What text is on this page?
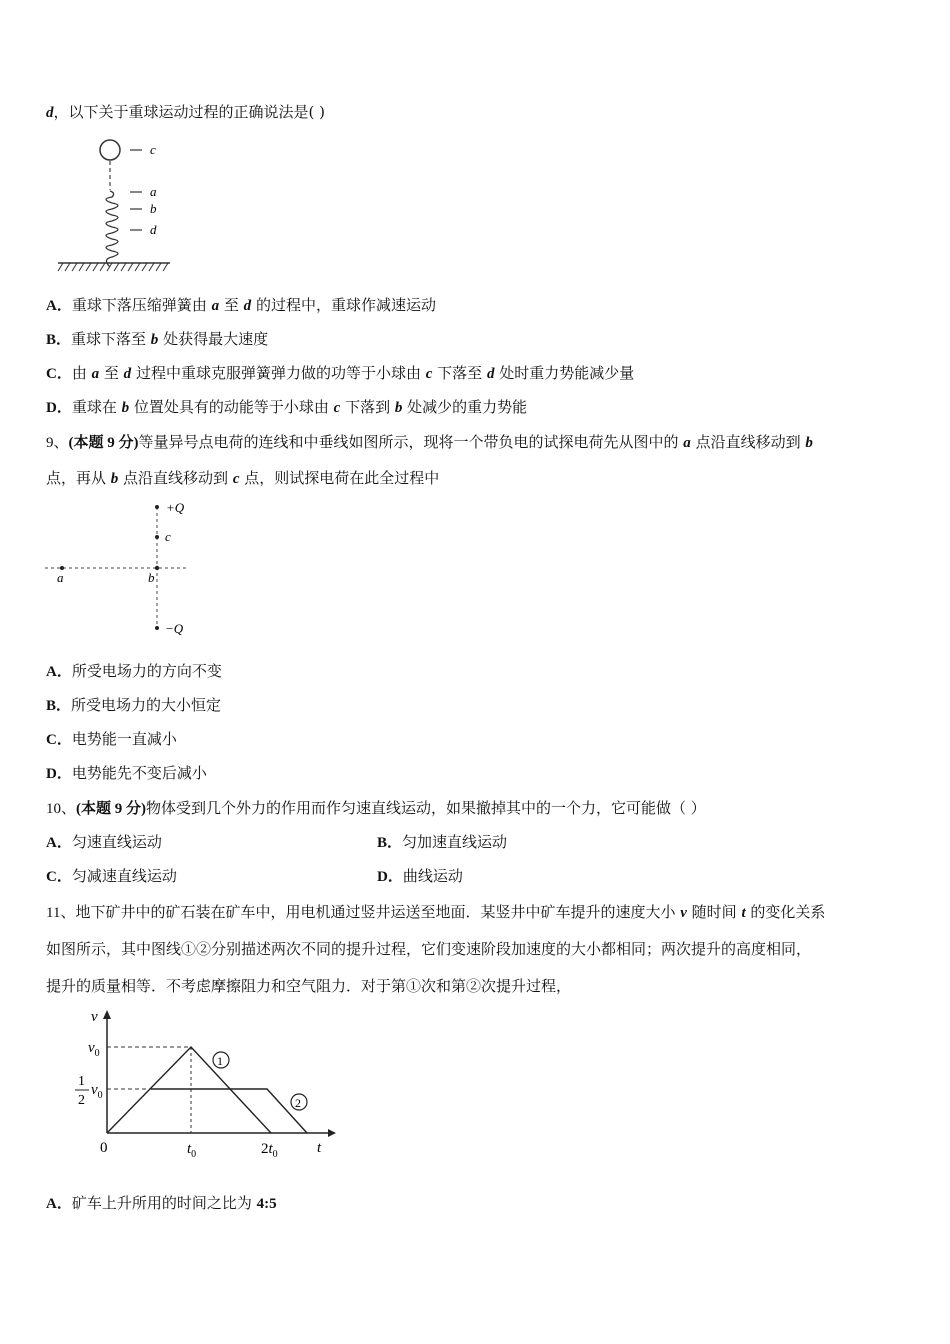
d，以下关于重球运动过程的正确说法是( )
c
a
b
d
A．重球下落压缩弹簧由 a 至 d 的过程中，重球作减速运动
B．重球下落至 b 处获得最大速度
C．由 a 至 d 过程中重球克服弹簧弹力做的功等于小球由 c 下落至 d 处时重力势能减少量
D．重球在 b 位置处具有的动能等于小球由 c 下落到 b 处减少的重力势能
9、(本题 9 分)等量异号点电荷的连线和中垂线如图所示，现将一个带负电的试探电荷先从图中的 a 点沿直线移动到 b
点，再从 b 点沿直线移动到 c 点，则试探电荷在此全过程中
+Q
c
b
a
−Q
A．所受电场力的方向不变
B．所受电场力的大小恒定
C．电势能一直减小
D．电势能先不变后减小
10、(本题 9 分)物体受到几个外力的作用而作匀速直线运动，如果撤掉其中的一个力，它可能做（ ）
A．匀速直线运动	B．匀加速直线运动
C．匀减速直线运动	D．曲线运动
11、地下矿井中的矿石装在矿车中，用电机通过竖井运送至地面．某竖井中矿车提升的速度大小 v 随时间 t 的变化关系
如图所示，其中图线①②分别描述两次不同的提升过程，它们变速阶段加速度的大小都相同；两次提升的高度相同，
提升的质量相等．不考虑摩擦阻力和空气阻力．对于第①次和第②次提升过程，
1
2
v
t
$v_0$
1
2
$v_0$
0	$t_0$	$2t_0$
A．矿车上升所用的时间之比为 4:5
